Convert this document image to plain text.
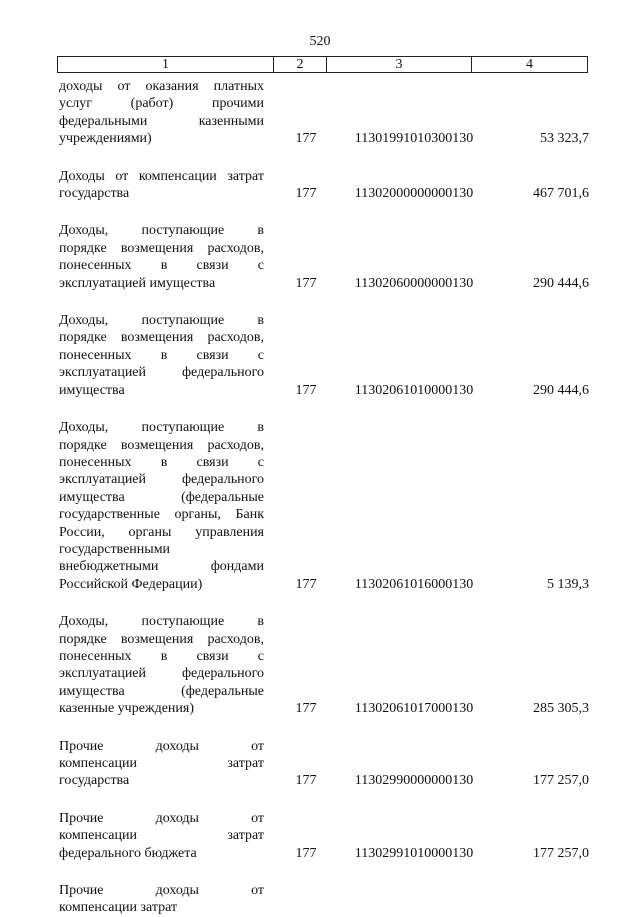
520
1	2	3	4
доходы от оказания платных
услуг (работ) прочими
федеральными казенными
учреждениями)	177	11301991010300130	53 323,7
Доходы от компенсации затрат
государства	177	11302000000000130	467 701,6
Доходы, поступающие в
порядке возмещения расходов,
понесенных в связи с
эксплуатацией имущества	177	11302060000000130	290 444,6
Доходы, поступающие в
порядке возмещения расходов,
понесенных в связи с
эксплуатацией федерального
имущества	177	11302061010000130	290 444,6
Доходы, поступающие в
порядке возмещения расходов,
понесенных в связи с
эксплуатацией федерального
имущества (федеральные
государственные органы, Банк
России, органы управления
государственными
внебюджетными фондами
Российской Федерации)	177	11302061016000130	5 139,3
Доходы, поступающие в
порядке возмещения расходов,
понесенных в связи с
эксплуатацией федерального
имущества (федеральные
казенные учреждения)	177	11302061017000130	285 305,3
Прочие доходы от
компенсации затрат
государства	177	11302990000000130	177 257,0
Прочие доходы от
компенсации затрат
федерального бюджета	177	11302991010000130	177 257,0
Прочие доходы от
компенсации затрат
